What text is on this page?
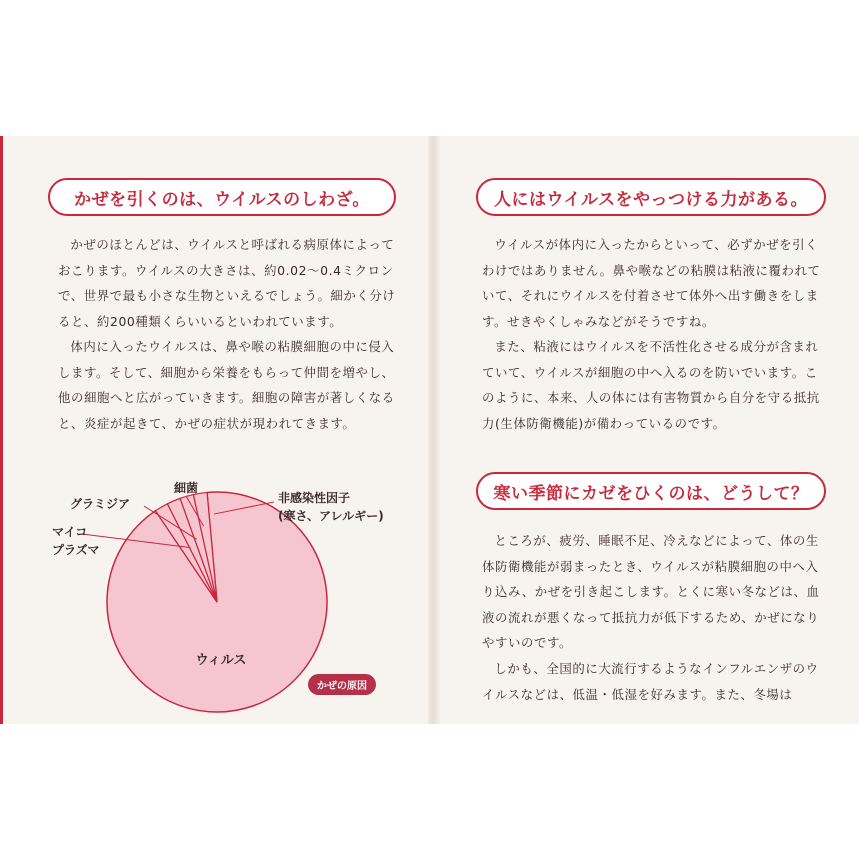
かぜを引くのは、ウイルスのしわざ。

かぜのほとんどは、ウイルスと呼ばれる病原体によっておこります。ウイルスの大きさは、約0.02〜0.4ミクロンで、世界で最も小さな生物といえるでしょう。細かく分けると、約200種類くらいいるといわれています。

体内に入ったウイルスは、鼻や喉の粘膜細胞の中に侵入します。そして、細胞から栄養をもらって仲間を増やし、他の細胞へと広がっていきます。細胞の障害が著しくなると、炎症が起きて、かぜの症状が現われてきます。

マイコ
プラズマ
グラミジア
細菌
非感染性因子
(寒さ、アレルギー)
ウィルス
かぜの原因
人にはウイルスをやっつける力がある。

ウイルスが体内に入ったからといって、必ずかぜを引くわけではありません。鼻や喉などの粘膜は粘液に覆われていて、それにウイルスを付着させて体外へ出す働きをします。せきやくしゃみなどがそうですね。

また、粘液にはウイルスを不活性化させる成分が含まれていて、ウイルスが細胞の中へ入るのを防いでいます。このように、本来、人の体には有害物質から自分を守る抵抗力(生体防衛機能)が備わっているのです。

寒い季節にカゼをひくのは、どうして？

ところが、疲労、睡眠不足、冷えなどによって、体の生体防衛機能が弱まったとき、ウイルスが粘膜細胞の中へ入り込み、かぜを引き起こします。とくに寒い冬などは、血液の流れが悪くなって抵抗力が低下するため、かぜになりやすいのです。

しかも、全国的に大流行するようなインフルエンザのウイルスなどは、低温・低湿を好みます。また、冬場は
